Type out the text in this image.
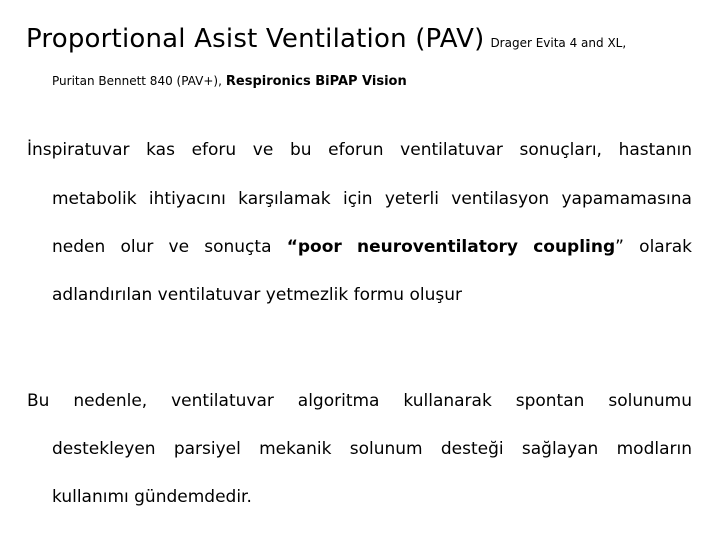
Proportional Asist Ventilation (PAV) Drager Evita 4 and XL,
Puritan Bennett 840 (PAV+), Respironics BiPAP Vision
İnspiratuvar kas eforu ve bu eforun ventilatuvar sonuçları, hastanın
metabolik ihtiyacını karşılamak için yeterli ventilasyon yapamamasına
neden olur ve sonuçta “poor neuroventilatory coupling” olarak
adlandırılan ventilatuvar yetmezlik formu oluşur
Bu nedenle, ventilatuvar algoritma kullanarak spontan solunumu
destekleyen parsiyel mekanik solunum desteği sağlayan modların
kullanımı gündemdedir.
